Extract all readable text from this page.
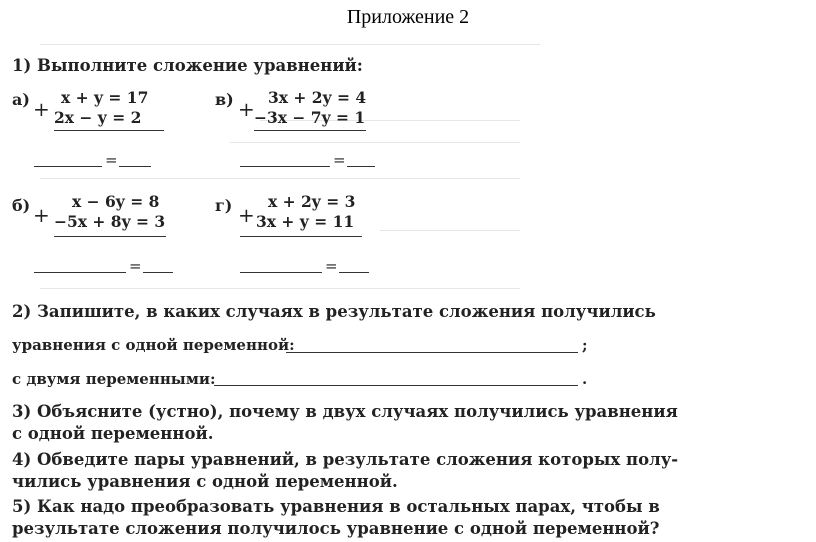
Приложение 2
1) Выполните сложение уравнений:
а) + x + y = 17
2x − y = 2
=
в) + 3x + 2y = 4
−3x − 7y = 1
=
б) +
x − 6y = 8
−5x + 8y = 3
=
г) +
x + 2y = 3
3x + y = 11
=
2) Запишите, в каких случаях в результате сложения получились
уравнения с одной переменной:	;
с двумя переменными:	.
3) Объясните (устно), почему в двух случаях получились уравнения
с одной переменной.
4) Обведите пары уравнений, в результате сложения которых полу-
чились уравнения с одной переменной.
5) Как надо преобразовать уравнения в остальных парах, чтобы в
результате сложения получилось уравнение с одной переменной?
